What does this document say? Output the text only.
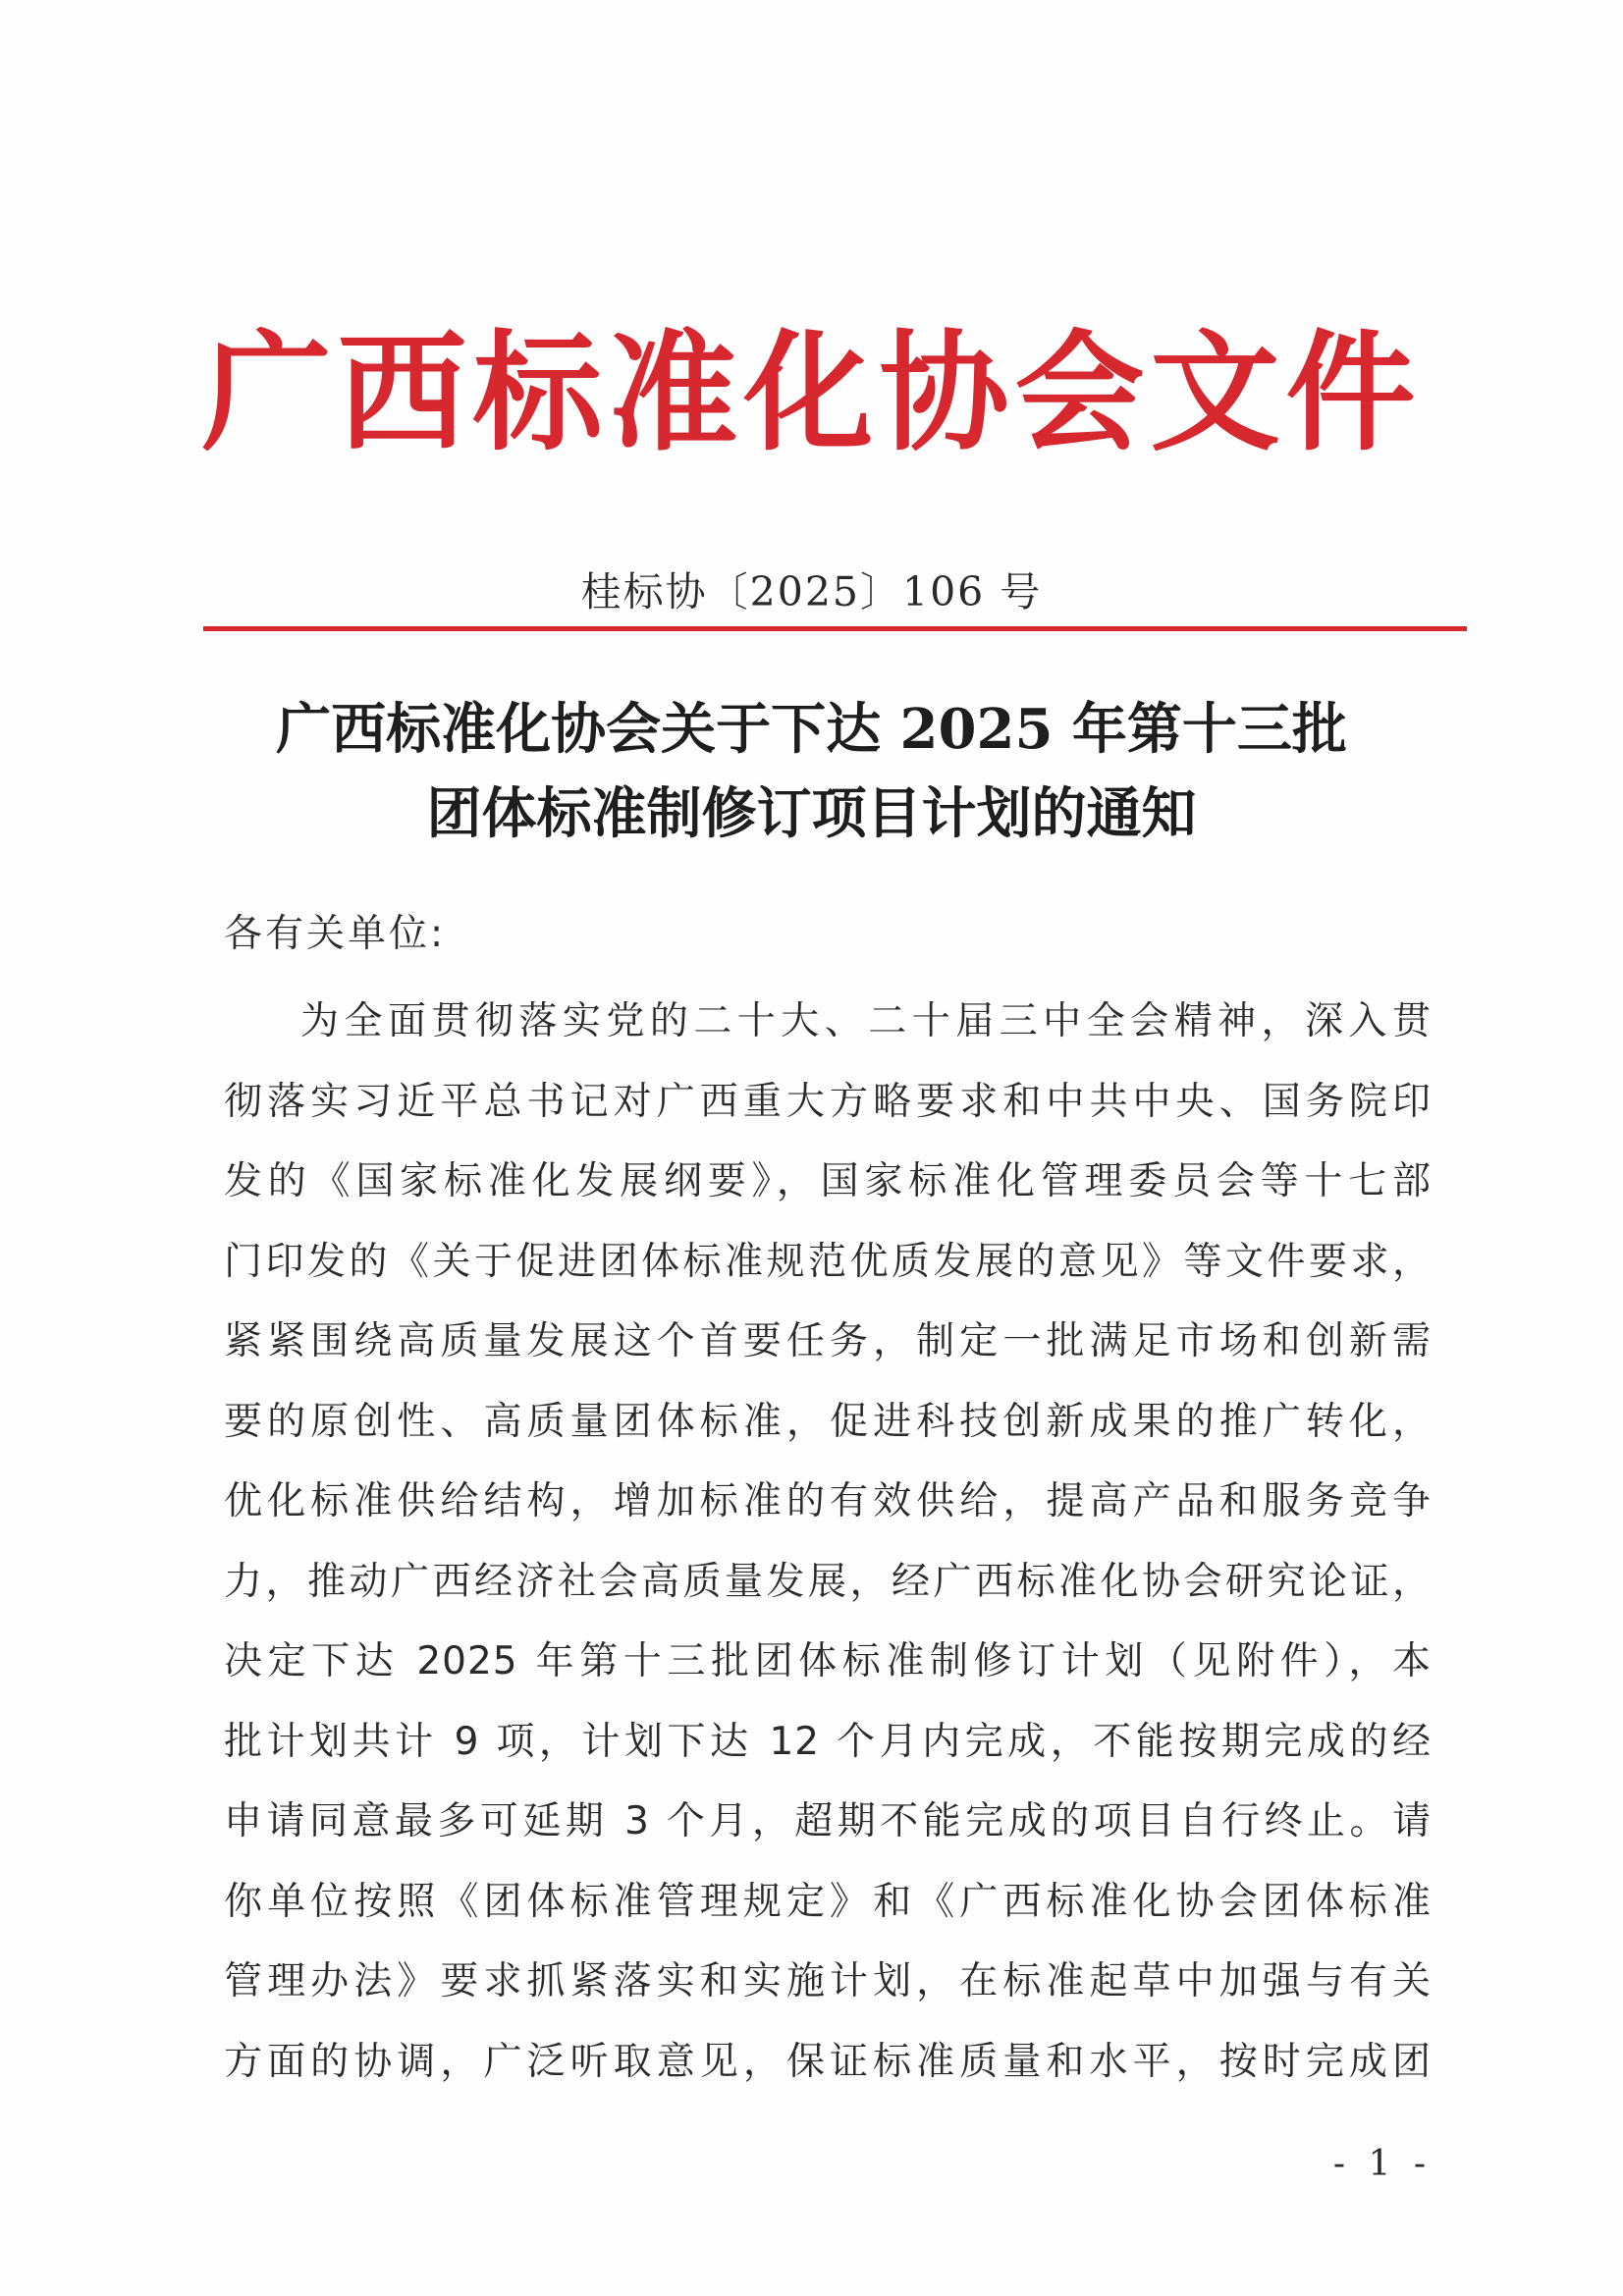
广西标准化协会文件
桂标协〔2025〕106 号
广西标准化协会关于下达 2025 年第十三批
团体标准制修订项目计划的通知
各有关单位:
为全面贯彻落实党的二十大、二十届三中全会精神，深入贯
彻落实习近平总书记对广西重大方略要求和中共中央、国务院印
发的《国家标准化发展纲要》，国家标准化管理委员会等十七部
门印发的《关于促进团体标准规范优质发展的意见》等文件要求，
紧紧围绕高质量发展这个首要任务，制定一批满足市场和创新需
要的原创性、高质量团体标准，促进科技创新成果的推广转化，
优化标准供给结构，增加标准的有效供给，提高产品和服务竞争
力，推动广西经济社会高质量发展，经广西标准化协会研究论证，
决定下达 2025 年第十三批团体标准制修订计划（见附件），本
批计划共计 9 项，计划下达 12 个月内完成，不能按期完成的经
申请同意最多可延期 3 个月，超期不能完成的项目自行终止。请
你单位按照《团体标准管理规定》和《广西标准化协会团体标准
管理办法》要求抓紧落实和实施计划，在标准起草中加强与有关
方面的协调，广泛听取意见，保证标准质量和水平，按时完成团
- 1 -
